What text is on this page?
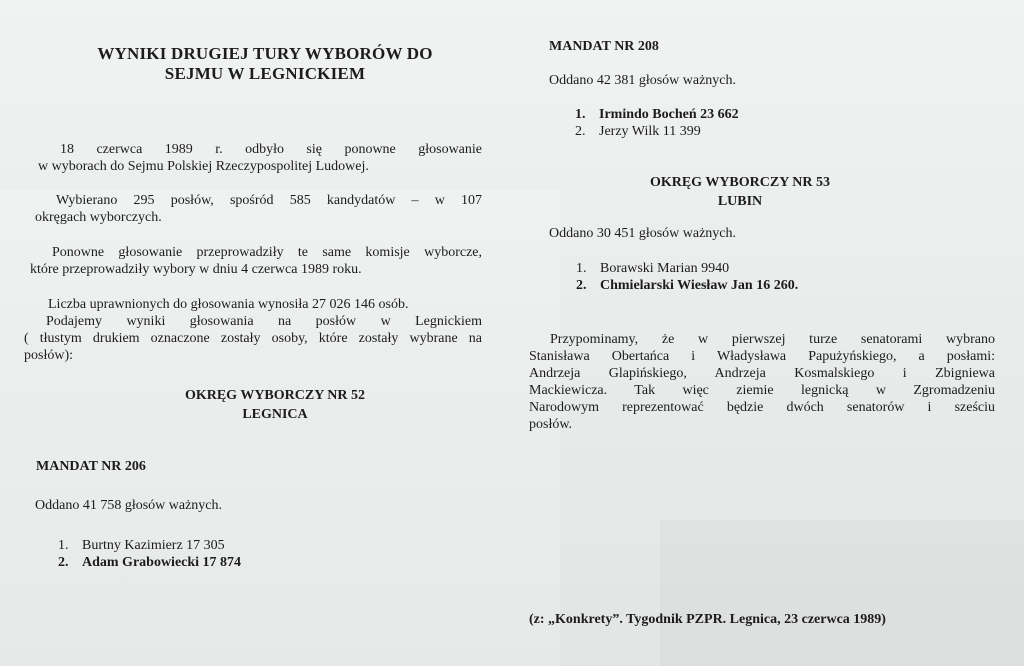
WYNIKI DRUGIEJ TURY WYBORÓW DO
SEJMU W LEGNICKIEM
18 czerwca 1989 r. odbyło się ponowne głosowanie
w wyborach do Sejmu Polskiej Rzeczypospolitej Ludowej.
Wybierano 295 posłów, spośród 585 kandydatów – w 107
okręgach wyborczych.
Ponowne głosowanie przeprowadziły te same komisje wyborcze,
które przeprowadziły wybory w dniu 4 czerwca 1989 roku.
Liczba uprawnionych do głosowania wynosiła 27 026 146 osób.
Podajemy wyniki głosowania na posłów w Legnickiem
( tłustym drukiem oznaczone zostały osoby, które zostały wybrane na
posłów):
OKRĘG WYBORCZY NR 52
LEGNICA
MANDAT NR 206
Oddano 41 758 głosów ważnych.
1. Burtny Kazimierz 17 305
2. Adam Grabowiecki 17 874
MANDAT NR 208
Oddano 42 381 głosów ważnych.
1. Irmindo Bocheń 23 662
2. Jerzy Wilk 11 399
OKRĘG WYBORCZY NR 53
LUBIN
Oddano 30 451 głosów ważnych.
1. Borawski Marian 9940
2. Chmielarski Wiesław Jan 16 260.
Przypominamy, że w pierwszej turze senatorami wybrano
Stanisława Obertańca i Władysława Papużyńskiego, a posłami:
Andrzeja Glapińskiego, Andrzeja Kosmalskiego i Zbigniewa
Mackiewicza. Tak więc ziemie legnicką w Zgromadzeniu
Narodowym reprezentować będzie dwóch senatorów i sześciu
posłów.
(z: „Konkrety”. Tygodnik PZPR. Legnica, 23 czerwca 1989)
